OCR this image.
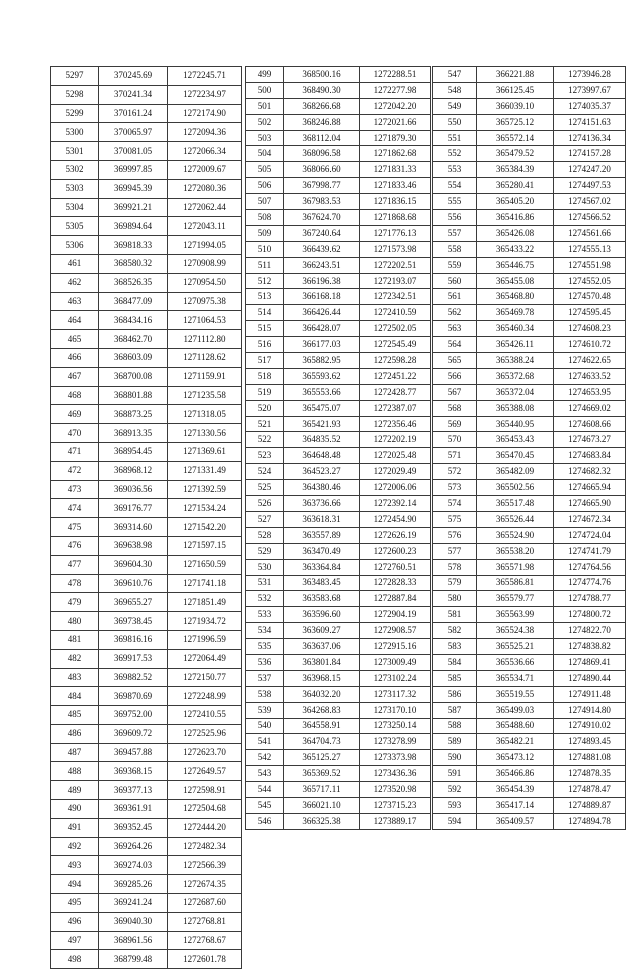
5297	370245.69	1272245.71
5298	370241.34	1272234.97
5299	370161.24	1272174.90
5300	370065.97	1272094.36
5301	370081.05	1272066.34
5302	369997.85	1272009.67
5303	369945.39	1272080.36
5304	369921.21	1272062.44
5305	369894.64	1272043.11
5306	369818.33	1271994.05
461	368580.32	1270908.99
462	368526.35	1270954.50
463	368477.09	1270975.38
464	368434.16	1271064.53
465	368462.70	1271112.80
466	368603.09	1271128.62
467	368700.08	1271159.91
468	368801.88	1271235.58
469	368873.25	1271318.05
470	368913.35	1271330.56
471	368954.45	1271369.61
472	368968.12	1271331.49
473	369036.56	1271392.59
474	369176.77	1271534.24
475	369314.60	1271542.20
476	369638.98	1271597.15
477	369604.30	1271650.59
478	369610.76	1271741.18
479	369655.27	1271851.49
480	369738.45	1271934.72
481	369816.16	1271996.59
482	369917.53	1272064.49
483	369882.52	1272150.77
484	369870.69	1272248.99
485	369752.00	1272410.55
486	369609.72	1272525.96
487	369457.88	1272623.70
488	369368.15	1272649.57
489	369377.13	1272598.91
490	369361.91	1272504.68
491	369352.45	1272444.20
492	369264.26	1272482.34
493	369274.03	1272566.39
494	369285.26	1272674.35
495	369241.24	1272687.60
496	369040.30	1272768.81
497	368961.56	1272768.67
498	368799.48	1272601.78
499	368500.16	1272288.51
500	368490.30	1272277.98
501	368266.68	1272042.20
502	368246.88	1272021.66
503	368112.04	1271879.30
504	368096.58	1271862.68
505	368066.60	1271831.33
506	367998.77	1271833.46
507	367983.53	1271836.15
508	367624.70	1271868.68
509	367240.64	1271776.13
510	366439.62	1271573.98
511	366243.51	1272202.51
512	366196.38	1272193.07
513	366168.18	1272342.51
514	366426.44	1272410.59
515	366428.07	1272502.05
516	366177.03	1272545.49
517	365882.95	1272598.28
518	365593.62	1272451.22
519	365553.66	1272428.77
520	365475.07	1272387.07
521	365421.93	1272356.46
522	364835.52	1272202.19
523	364648.48	1272025.48
524	364523.27	1272029.49
525	364380.46	1272006.06
526	363736.66	1272392.14
527	363618.31	1272454.90
528	363557.89	1272626.19
529	363470.49	1272600.23
530	363364.84	1272760.51
531	363483.45	1272828.33
532	363583.68	1272887.84
533	363596.60	1272904.19
534	363609.27	1272908.57
535	363637.06	1272915.16
536	363801.84	1273009.49
537	363968.15	1273102.24
538	364032.20	1273117.32
539	364268.83	1273170.10
540	364558.91	1273250.14
541	364704.73	1273278.99
542	365125.27	1273373.98
543	365369.52	1273436.36
544	365717.11	1273520.98
545	366021.10	1273715.23
546	366325.38	1273889.17
547	366221.88	1273946.28
548	366125.45	1273997.67
549	366039.10	1274035.37
550	365725.12	1274151.63
551	365572.14	1274136.34
552	365479.52	1274157.28
553	365384.39	1274247.20
554	365280.41	1274497.53
555	365405.20	1274567.02
556	365416.86	1274566.52
557	365426.08	1274561.66
558	365433.22	1274555.13
559	365446.75	1274551.98
560	365455.08	1274552.05
561	365468.80	1274570.48
562	365469.78	1274595.45
563	365460.34	1274608.23
564	365426.11	1274610.72
565	365388.24	1274622.65
566	365372.68	1274633.52
567	365372.04	1274653.95
568	365388.08	1274669.02
569	365440.95	1274608.66
570	365453.43	1274673.27
571	365470.45	1274683.84
572	365482.09	1274682.32
573	365502.56	1274665.94
574	365517.48	1274665.90
575	365526.44	1274672.34
576	365524.90	1274724.04
577	365538.20	1274741.79
578	365571.98	1274764.56
579	365586.81	1274774.76
580	365579.77	1274788.77
581	365563.99	1274800.72
582	365524.38	1274822.70
583	365525.21	1274838.82
584	365536.66	1274869.41
585	365534.71	1274890.44
586	365519.55	1274911.48
587	365499.03	1274914.80
588	365488.60	1274910.02
589	365482.21	1274893.45
590	365473.12	1274881.08
591	365466.86	1274878.35
592	365454.39	1274878.47
593	365417.14	1274889.87
594	365409.57	1274894.78
